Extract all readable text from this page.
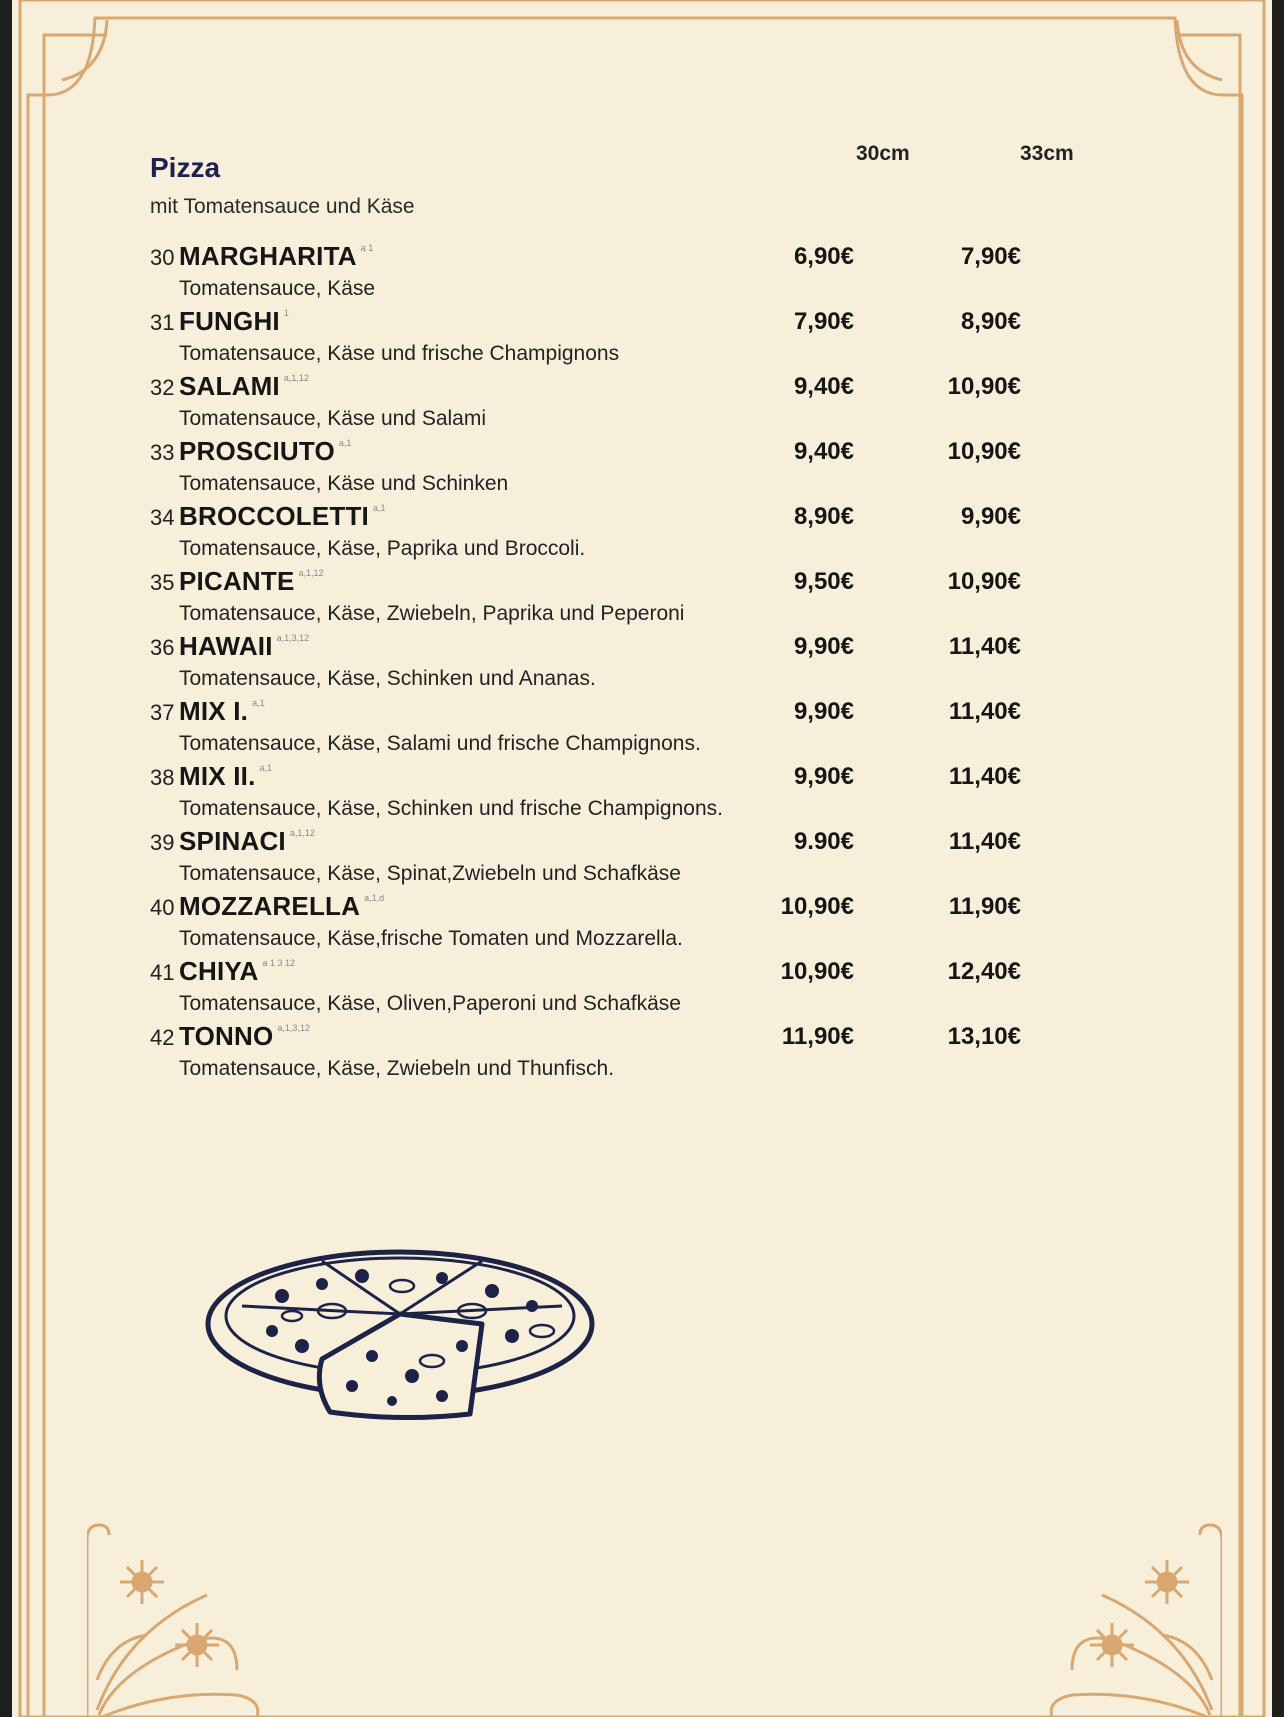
30cm	33cm
Pizza
mit Tomatensauce und Käse
30 MARGHARITA $^{a 1}$
Tomatensauce, Käse
6,90€	7,90€
31 FUNGHI $^1$
Tomatensauce, Käse und frische Champignons
7,90€	8,90€
32 SALAMI $^{a,1,12}$
Tomatensauce, Käse und Salami
9,40€	10,90€
33 PROSCIUTO $^{a,1}$
Tomatensauce, Käse und Schinken
9,40€	10,90€
34 BROCCOLETTI $^{a,1}$
Tomatensauce, Käse, Paprika und Broccoli.
8,90€	9,90€
35 PICANTE $^{a,1,12}$
Tomatensauce, Käse, Zwiebeln, Paprika und Peperoni
9,50€	10,90€
36 HAWAII $^{a,1,3,12}$
Tomatensauce, Käse, Schinken und Ananas.
9,90€	11,40€
37 MIX I. $^{a,1}$
Tomatensauce, Käse, Salami und frische Champignons.
9,90€	11,40€
38 MIX II. $^{a,1}$
Tomatensauce, Käse, Schinken und frische Champignons.
9,90€	11,40€
39 SPINACI $^{a,1,12}$
Tomatensauce, Käse, Spinat,Zwiebeln und Schafkäse
9.90€	11,40€
40 MOZZARELLA $^{a,1,d}$
Tomatensauce, Käse,frische Tomaten und Mozzarella.
10,90€	11,90€
41 CHIYA $^{a 1 3 12}$
Tomatensauce, Käse, Oliven,Paperoni und Schafkäse
10,90€	12,40€
42 TONNO $^{a,1,3,12}$
Tomatensauce, Käse, Zwiebeln und Thunfisch.
11,90€	13,10€
